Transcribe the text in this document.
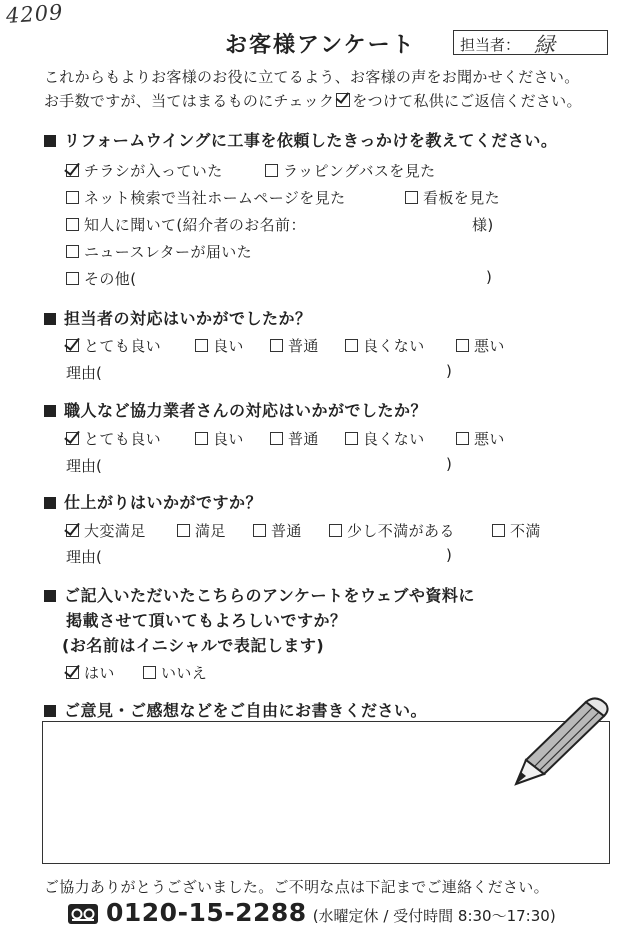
4209
お客様アンケート	担当者： 緑
これからもよりお客様のお役に立てるよう、お客様の声をお聞かせください。
お手数ですが、当てはまるものにチェック をつけて私供にご返信ください。
リフォームウイングに工事を依頼したきっかけを教えてください。
チラシが入っていた	ラッピングバスを見た
ネット検索で当社ホームページを見た	看板を見た
知人に聞いて(紹介者のお名前：	様)
ニュースレターが届いた
その他(	)
担当者の対応はいかがでしたか？
とても良い	良い	普通	良くない	悪い
理由(	)
職人など協力業者さんの対応はいかがでしたか？
とても良い	良い	普通	良くない	悪い
理由(	)
仕上がりはいかがですか？
大変満足	満足	普通	少し不満がある	不満
理由(	)
ご記入いただいたこちらのアンケートをウェブや資料に
掲載させて頂いてもよろしいですか？
(お名前はイニシャルで表記します)
はい	いいえ
ご意見・ご感想などをご自由にお書きください。
ご協力ありがとうございました。ご不明な点は下記までご連絡ください。
0120-15-2288 (水曜定休 / 受付時間 8:30～17:30)
